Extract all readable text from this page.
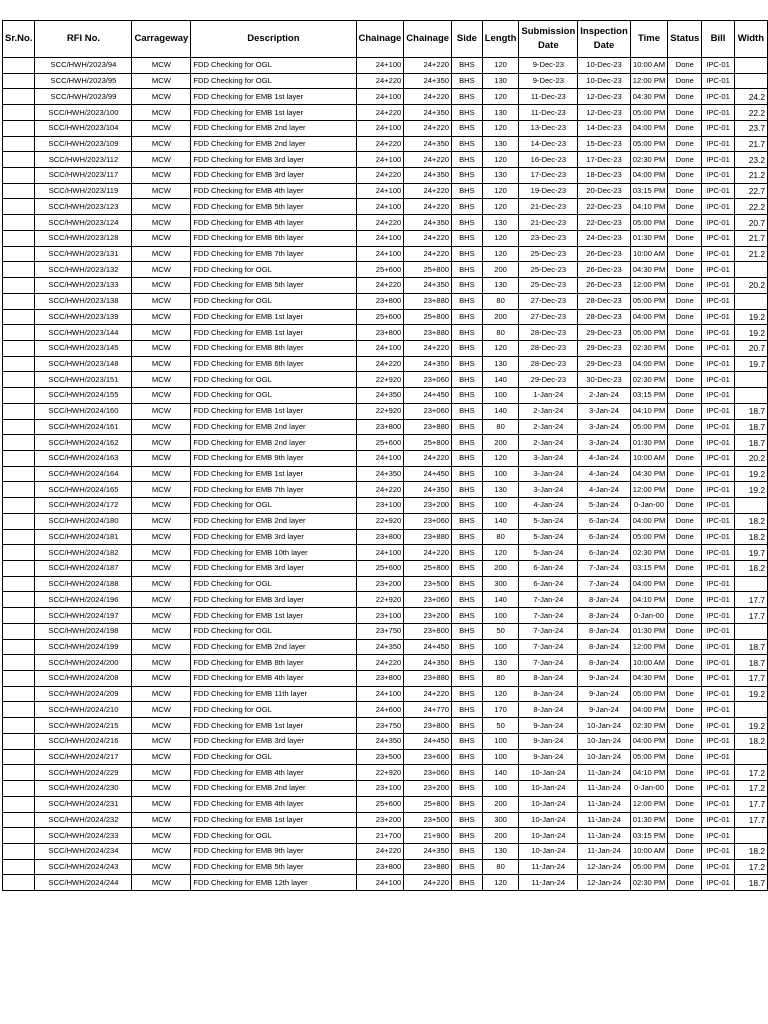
Sr.No.	RFI No.	Carrageway	Description	Chainage	Chainage	Side	Length	Submission Date	Inspection Date	Time	Status	Bill	Width
	SCC/HWH/2023/94	MCW	FDD Checking for OGL	24+100	24+220	BHS	120	9-Dec-23	10-Dec-23	10:00 AM	Done	IPC-01	
	SCC/HWH/2023/95	MCW	FDD Checking for OGL	24+220	24+350	BHS	130	9-Dec-23	10-Dec-23	12:00 PM	Done	IPC-01	
	SCC/HWH/2023/99	MCW	FDD Checking for EMB 1st layer	24+100	24+220	BHS	120	11-Dec-23	12-Dec-23	04:30 PM	Done	IPC-01	24.2
	SCC/HWH/2023/100	MCW	FDD Checking for EMB 1st layer	24+220	24+350	BHS	130	11-Dec-23	12-Dec-23	05:00 PM	Done	IPC-01	22.2
	SCC/HWH/2023/104	MCW	FDD Checking for EMB 2nd layer	24+100	24+220	BHS	120	13-Dec-23	14-Dec-23	04:00 PM	Done	IPC-01	23.7
	SCC/HWH/2023/109	MCW	FDD Checking for EMB 2nd layer	24+220	24+350	BHS	130	14-Dec-23	15-Dec-23	05:00 PM	Done	IPC-01	21.7
	SCC/HWH/2023/112	MCW	FDD Checking for EMB 3rd layer	24+100	24+220	BHS	120	16-Dec-23	17-Dec-23	02:30 PM	Done	IPC-01	23.2
	SCC/HWH/2023/117	MCW	FDD Checking for EMB 3rd layer	24+220	24+350	BHS	130	17-Dec-23	18-Dec-23	04:00 PM	Done	IPC-01	21.2
	SCC/HWH/2023/119	MCW	FDD Checking for EMB 4th layer	24+100	24+220	BHS	120	19-Dec-23	20-Dec-23	03:15 PM	Done	IPC-01	22.7
	SCC/HWH/2023/123	MCW	FDD Checking for EMB 5th layer	24+100	24+220	BHS	120	21-Dec-23	22-Dec-23	04:10 PM	Done	IPC-01	22.2
	SCC/HWH/2023/124	MCW	FDD Checking for EMB 4th layer	24+220	24+350	BHS	130	21-Dec-23	22-Dec-23	05:00 PM	Done	IPC-01	20.7
	SCC/HWH/2023/128	MCW	FDD Checking for EMB 6th layer	24+100	24+220	BHS	120	23-Dec-23	24-Dec-23	01:30 PM	Done	IPC-01	21.7
	SCC/HWH/2023/131	MCW	FDD Checking for EMB 7th layer	24+100	24+220	BHS	120	25-Dec-23	26-Dec-23	10:00 AM	Done	IPC-01	21.2
	SCC/HWH/2023/132	MCW	FDD Checking for OGL	25+600	25+800	BHS	200	25-Dec-23	26-Dec-23	04:30 PM	Done	IPC-01	
	SCC/HWH/2023/133	MCW	FDD Checking for EMB 5th layer	24+220	24+350	BHS	130	25-Dec-23	26-Dec-23	12:00 PM	Done	IPC-01	20.2
	SCC/HWH/2023/138	MCW	FDD Checking for OGL	23+800	23+880	BHS	80	27-Dec-23	28-Dec-23	05:00 PM	Done	IPC-01	
	SCC/HWH/2023/139	MCW	FDD Checking for EMB 1st layer	25+600	25+800	BHS	200	27-Dec-23	28-Dec-23	04:00 PM	Done	IPC-01	19.2
	SCC/HWH/2023/144	MCW	FDD Checking for EMB 1st layer	23+800	23+880	BHS	80	28-Dec-23	29-Dec-23	05:00 PM	Done	IPC-01	19.2
	SCC/HWH/2023/145	MCW	FDD Checking for EMB 8th layer	24+100	24+220	BHS	120	28-Dec-23	29-Dec-23	02:30 PM	Done	IPC-01	20.7
	SCC/HWH/2023/148	MCW	FDD Checking for EMB 6th layer	24+220	24+350	BHS	130	28-Dec-23	29-Dec-23	04:00 PM	Done	IPC-01	19.7
	SCC/HWH/2023/151	MCW	FDD Checking for OGL	22+920	23+060	BHS	140	29-Dec-23	30-Dec-23	02:30 PM	Done	IPC-01	
	SCC/HWH/2024/155	MCW	FDD Checking for OGL	24+350	24+450	BHS	100	1-Jan-24	2-Jan-24	03:15 PM	Done	IPC-01	
	SCC/HWH/2024/160	MCW	FDD Checking for EMB 1st layer	22+920	23+060	BHS	140	2-Jan-24	3-Jan-24	04:10 PM	Done	IPC-01	18.7
	SCC/HWH/2024/161	MCW	FDD Checking for EMB 2nd layer	23+800	23+880	BHS	80	2-Jan-24	3-Jan-24	05:00 PM	Done	IPC-01	18.7
	SCC/HWH/2024/162	MCW	FDD Checking for EMB 2nd layer	25+600	25+800	BHS	200	2-Jan-24	3-Jan-24	01:30 PM	Done	IPC-01	18.7
	SCC/HWH/2024/163	MCW	FDD Checking for EMB 9th layer	24+100	24+220	BHS	120	3-Jan-24	4-Jan-24	10:00 AM	Done	IPC-01	20.2
	SCC/HWH/2024/164	MCW	FDD Checking for EMB 1st layer	24+350	24+450	BHS	100	3-Jan-24	4-Jan-24	04:30 PM	Done	IPC-01	19.2
	SCC/HWH/2024/165	MCW	FDD Checking for EMB 7th layer	24+220	24+350	BHS	130	3-Jan-24	4-Jan-24	12:00 PM	Done	IPC-01	19.2
	SCC/HWH/2024/172	MCW	FDD Checking for OGL	23+100	23+200	BHS	100	4-Jan-24	5-Jan-24	0-Jan-00	Done	IPC-01	
	SCC/HWH/2024/180	MCW	FDD Checking for EMB 2nd layer	22+920	23+060	BHS	140	5-Jan-24	6-Jan-24	04:00 PM	Done	IPC-01	18.2
	SCC/HWH/2024/181	MCW	FDD Checking for EMB 3rd layer	23+800	23+880	BHS	80	5-Jan-24	6-Jan-24	05:00 PM	Done	IPC-01	18.2
	SCC/HWH/2024/182	MCW	FDD Checking for EMB 10th layer	24+100	24+220	BHS	120	5-Jan-24	6-Jan-24	02:30 PM	Done	IPC-01	19.7
	SCC/HWH/2024/187	MCW	FDD Checking for EMB 3rd layer	25+600	25+800	BHS	200	6-Jan-24	7-Jan-24	03:15 PM	Done	IPC-01	18.2
	SCC/HWH/2024/188	MCW	FDD Checking for OGL	23+200	23+500	BHS	300	6-Jan-24	7-Jan-24	04:00 PM	Done	IPC-01	
	SCC/HWH/2024/196	MCW	FDD Checking for EMB 3rd layer	22+920	23+060	BHS	140	7-Jan-24	8-Jan-24	04:10 PM	Done	IPC-01	17.7
	SCC/HWH/2024/197	MCW	FDD Checking for EMB 1st layer	23+100	23+200	BHS	100	7-Jan-24	8-Jan-24	0-Jan-00	Done	IPC-01	17.7
	SCC/HWH/2024/198	MCW	FDD Checking for OGL	23+750	23+800	BHS	50	7-Jan-24	8-Jan-24	01:30 PM	Done	IPC-01	
	SCC/HWH/2024/199	MCW	FDD Checking for EMB 2nd layer	24+350	24+450	BHS	100	7-Jan-24	8-Jan-24	12:00 PM	Done	IPC-01	18.7
	SCC/HWH/2024/200	MCW	FDD Checking for EMB 8th layer	24+220	24+350	BHS	130	7-Jan-24	8-Jan-24	10:00 AM	Done	IPC-01	18.7
	SCC/HWH/2024/208	MCW	FDD Checking for EMB 4th layer	23+800	23+880	BHS	80	8-Jan-24	9-Jan-24	04:30 PM	Done	IPC-01	17.7
	SCC/HWH/2024/209	MCW	FDD Checking for EMB 11th layer	24+100	24+220	BHS	120	8-Jan-24	9-Jan-24	05:00 PM	Done	IPC-01	19.2
	SCC/HWH/2024/210	MCW	FDD Checking for OGL	24+600	24+770	BHS	170	8-Jan-24	9-Jan-24	04:00 PM	Done	IPC-01	
	SCC/HWH/2024/215	MCW	FDD Checking for EMB 1st layer	23+750	23+800	BHS	50	9-Jan-24	10-Jan-24	02:30 PM	Done	IPC-01	19.2
	SCC/HWH/2024/216	MCW	FDD Checking for EMB 3rd layer	24+350	24+450	BHS	100	9-Jan-24	10-Jan-24	04:00 PM	Done	IPC-01	18.2
	SCC/HWH/2024/217	MCW	FDD Checking for OGL	23+500	23+600	BHS	100	9-Jan-24	10-Jan-24	05:00 PM	Done	IPC-01	
	SCC/HWH/2024/229	MCW	FDD Checking for EMB 4th layer	22+920	23+060	BHS	140	10-Jan-24	11-Jan-24	04:10 PM	Done	IPC-01	17.2
	SCC/HWH/2024/230	MCW	FDD Checking for EMB 2nd layer	23+100	23+200	BHS	100	10-Jan-24	11-Jan-24	0-Jan-00	Done	IPC-01	17.2
	SCC/HWH/2024/231	MCW	FDD Checking for EMB 4th layer	25+600	25+800	BHS	200	10-Jan-24	11-Jan-24	12:00 PM	Done	IPC-01	17.7
	SCC/HWH/2024/232	MCW	FDD Checking for EMB 1st layer	23+200	23+500	BHS	300	10-Jan-24	11-Jan-24	01:30 PM	Done	IPC-01	17.7
	SCC/HWH/2024/233	MCW	FDD Checking for OGL	21+700	21+900	BHS	200	10-Jan-24	11-Jan-24	03:15 PM	Done	IPC-01	
	SCC/HWH/2024/234	MCW	FDD Checking for EMB 9th layer	24+220	24+350	BHS	130	10-Jan-24	11-Jan-24	10:00 AM	Done	IPC-01	18.2
	SCC/HWH/2024/243	MCW	FDD Checking for EMB 5th layer	23+800	23+880	BHS	80	11-Jan-24	12-Jan-24	05:00 PM	Done	IPC-01	17.2
	SCC/HWH/2024/244	MCW	FDD Checking for EMB 12th layer	24+100	24+220	BHS	120	11-Jan-24	12-Jan-24	02:30 PM	Done	IPC-01	18.7
